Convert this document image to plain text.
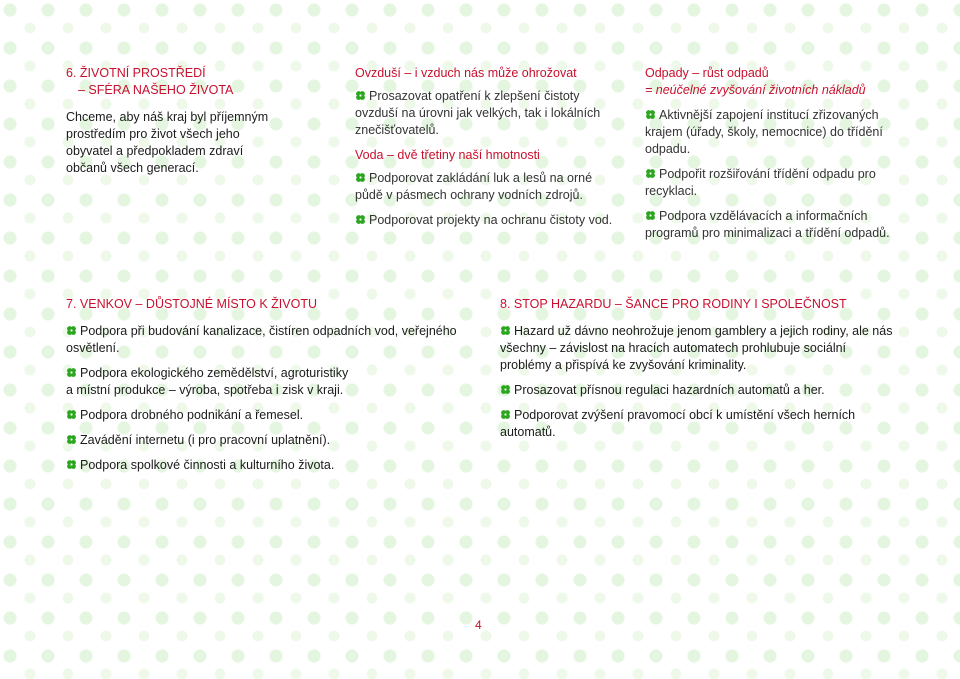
6. ŽIVOTNÍ PROSTŘEDÍ
– SFÉRA NAŠEHO ŽIVOTA
Chceme, aby náš kraj byl příjemným prostředím pro život všech jeho obyvatel a předpokladem zdraví občanů všech generací.
Ovzduší – i vzduch nás může ohrožovat
Prosazovat opatření k zlepšení čistoty ovzduší na úrovni jak velkých, tak i lokálních znečišťovatelů.
Voda – dvě třetiny naší hmotnosti
Podporovat zakládání luk a lesů na orné půdě v pásmech ochrany vodních zdrojů.
Podporovat projekty na ochranu čistoty vod.
Odpady – růst odpadů
= neúčelné zvyšování životních nákladů
Aktivnější zapojení institucí zřizovaných krajem (úřady, školy, nemocnice) do třídění odpadu.
Podpořit rozšiřování třídění odpadu pro recyklaci.
Podpora vzdělávacích a informačních programů pro minimalizaci a třídění odpadů.
7. VENKOV – DŮSTOJNÉ MÍSTO K ŽIVOTU
Podpora při budování kanalizace, čistíren odpadních vod, veřejného osvětlení.
Podpora ekologického zemědělství, agroturistiky a místní produkce – výroba, spotřeba i zisk v kraji.
Podpora drobného podnikání a řemesel.
Zavádění internetu (i pro pracovní uplatnění).
Podpora spolkové činnosti a kulturního života.
8. STOP HAZARDU – ŠANCE PRO RODINY I SPOLEČNOST
Hazard už dávno neohrožuje jenom gamblery a jejich rodiny, ale nás všechny – závislost na hracích automatech prohlubuje sociální problémy a přispívá ke zvyšování kriminality.
Prosazovat přísnou regulaci hazardních automatů a her.
Podporovat zvýšení pravomocí obcí k umístění všech herních automatů.
4
